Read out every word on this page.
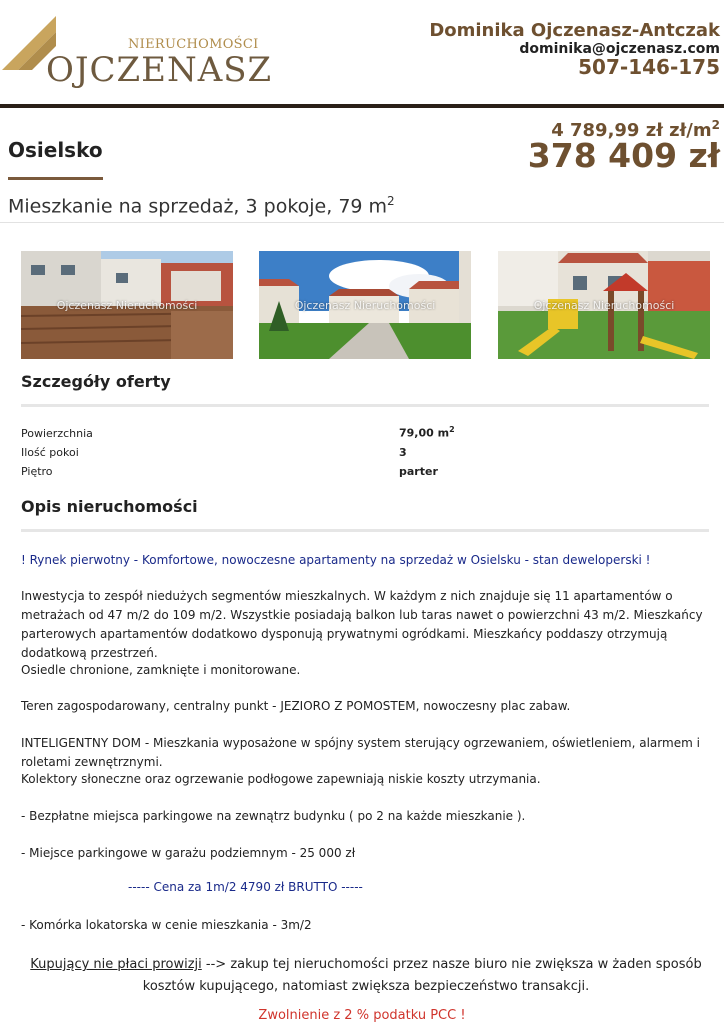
NIERUCHOMOŚCI
OJCZENASZ
Dominika Ojczenasz-Antczak
dominika@ojczenasz.com
507-146-175
Osielsko
4 789,99 zł $zł/m^2$
378 409 zł
Mieszkanie na sprzedaż, 3 pokoje, 79 $m^2$
Ojczenasz Nieruchomości	Ojczenasz Nieruchomości	Ojczenasz Nieruchomości
Szczegóły oferty
Powierzchnia	79,00 $m^2$
Ilość pokoi	3
Piętro	parter
Opis nieruchomości
! Rynek pierwotny - Komfortowe, nowoczesne apartamenty na sprzedaż w Osielsku - stan deweloperski !
Inwestycja to zespół niedużych segmentów mieszkalnych. W każdym z nich znajduje się 11 apartamentów o metrażach od 47 m/2 do 109 m/2. Wszystkie posiadają balkon lub taras nawet o powierzchni 43 m/2. Mieszkańcy parterowych apartamentów dodatkowo dysponują prywatnymi ogródkami. Mieszkańcy poddaszy otrzymują dodatkową przestrzeń.
Osiedle chronione, zamknięte i monitorowane.
Teren zagospodarowany, centralny punkt - JEZIORO Z POMOSTEM, nowoczesny plac zabaw.
INTELIGENTNY DOM - Mieszkania wyposażone w spójny system sterujący ogrzewaniem, oświetleniem, alarmem i roletami zewnętrznymi.
Kolektory słoneczne oraz ogrzewanie podłogowe zapewniają niskie koszty utrzymania.
- Bezpłatne miejsca parkingowe na zewnątrz budynku ( po 2 na każde mieszkanie ).
- Miejsce parkingowe w garażu podziemnym - 25 000 zł
----- Cena za 1m/2 4790 zł BRUTTO -----
- Komórka lokatorska w cenie mieszkania - 3m/2
Kupujący nie płaci prowizji --> zakup tej nieruchomości przez nasze biuro nie zwiększa w żaden sposób kosztów kupującego, natomiast zwiększa bezpieczeństwo transakcji.
Zwolnienie z 2 % podatku PCC !
